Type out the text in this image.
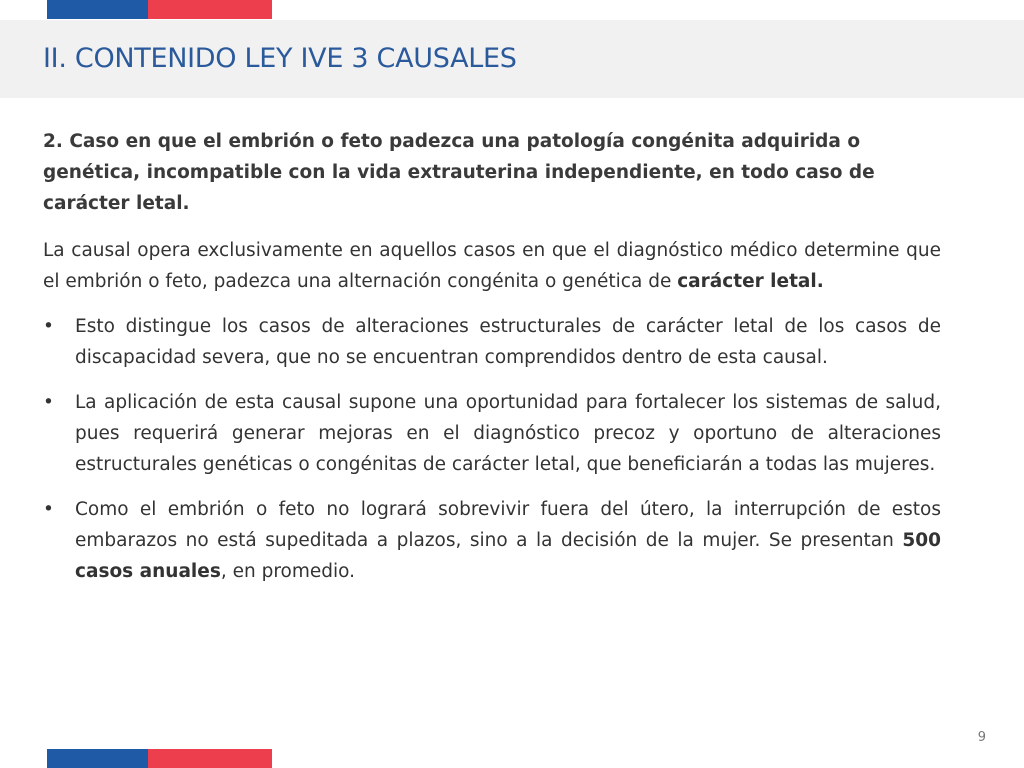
II. CONTENIDO LEY IVE 3 CAUSALES

2. Caso en que el embrión o feto padezca una patología congénita adquirida o genética, incompatible con la vida extrauterina independiente, en todo caso de carácter letal.

La causal opera exclusivamente en aquellos casos en que el diagnóstico médico determine que el embrión o feto, padezca una alternación congénita o genética de carácter letal.

•	Esto distingue los casos de alteraciones estructurales de carácter letal de los casos de discapacidad severa, que no se encuentran comprendidos dentro de esta causal.
•	La aplicación de esta causal supone una oportunidad para fortalecer los sistemas de salud, pues requerirá generar mejoras en el diagnóstico precoz y oportuno de alteraciones estructurales genéticas o congénitas de carácter letal, que beneficiarán a todas las mujeres.
•	Como el embrión o feto no logrará sobrevivir fuera del útero, la interrupción de estos embarazos no está supeditada a plazos, sino a la decisión de la mujer. Se presentan 500 casos anuales, en promedio.
9
